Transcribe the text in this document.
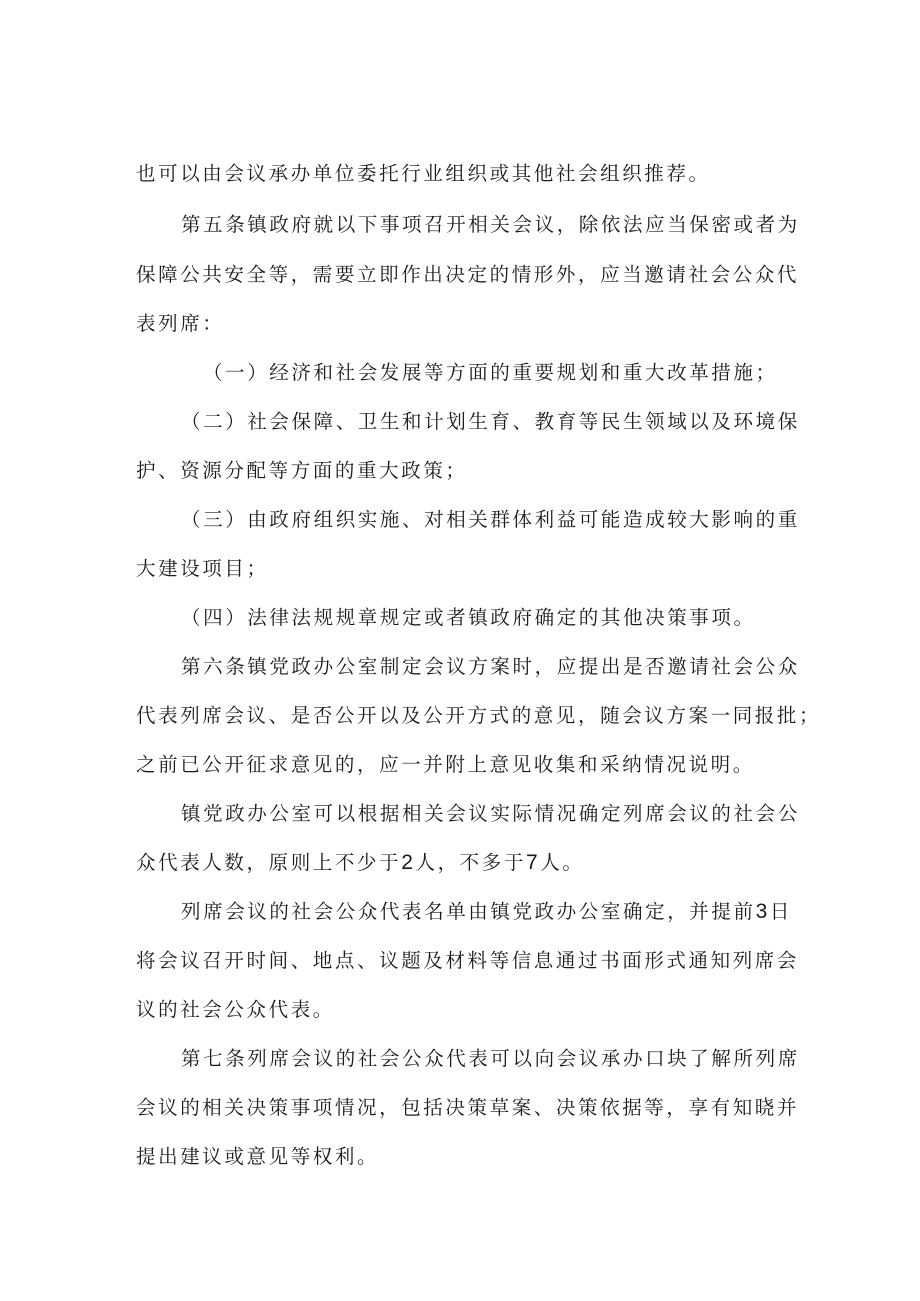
也可以由会议承办单位委托行业组织或其他社会组织推荐。
第五条镇政府就以下事项召开相关会议，除依法应当保密或者为
保障公共安全等，需要立即作出决定的情形外，应当邀请社会公众代
表列席：
（一）经济和社会发展等方面的重要规划和重大改革措施；
（二）社会保障、卫生和计划生育、教育等民生领域以及环境保
护、资源分配等方面的重大政策；
（三）由政府组织实施、对相关群体利益可能造成较大影响的重
大建设项目；
（四）法律法规规章规定或者镇政府确定的其他决策事项。
第六条镇党政办公室制定会议方案时，应提出是否邀请社会公众
代表列席会议、是否公开以及公开方式的意见，随会议方案一同报批；
之前已公开征求意见的，应一并附上意见收集和采纳情况说明。
镇党政办公室可以根据相关会议实际情况确定列席会议的社会公
众代表人数，原则上不少于2人，不多于7人。
列席会议的社会公众代表名单由镇党政办公室确定，并提前3日
将会议召开时间、地点、议题及材料等信息通过书面形式通知列席会
议的社会公众代表。
第七条列席会议的社会公众代表可以向会议承办口块了解所列席
会议的相关决策事项情况，包括决策草案、决策依据等，享有知晓并
提出建议或意见等权利。
